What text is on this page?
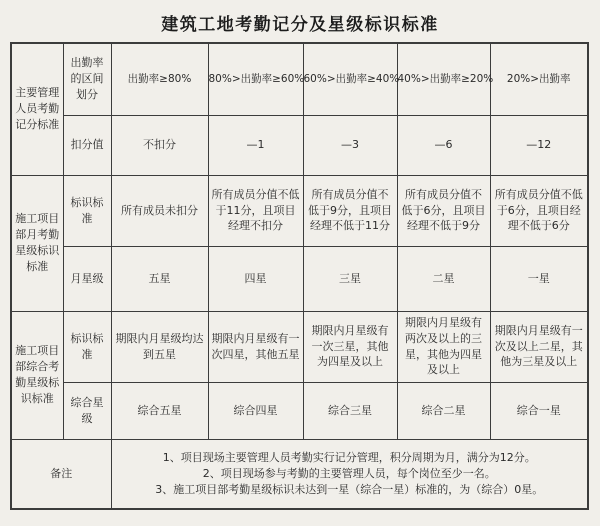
建筑工地考勤记分及星级标识标准
主要管理人员考勤记分标准	出勤率的区间划分	出勤率≥80%	80%>出勤率≥60%	60%>出勤率≥40%	40%>出勤率≥20%	20%>出勤率
	扣分值	不扣分	—1	—3	—6	—12
施工项目部月考勤星级标识标准	标识标准	所有成员未扣分	所有成员分值不低于11分，且项目经理不扣分	所有成员分值不低于9分，且项目经理不低于11分	所有成员分值不低于6分，且项目经理不低于9分	所有成员分值不低于6分，且项目经理不低于6分
	月星级	五星	四星	三星	二星	一星
施工项目部综合考勤星级标识标准	标识标准	期限内月星级均达到五星	期限内月星级有一次四星，其他五星	期限内月星级有一次三星，其他为四星及以上	期限内月星级有两次及以上的三星，其他为四星及以上	期限内月星级有一次及以上二星，其他为三星及以上
	综合星级	综合五星	综合四星	综合三星	综合二星	综合一星
备注		1、项目现场主要管理人员考勤实行记分管理，积分周期为月，满分为12分。
2、项目现场参与考勤的主要管理人员，每个岗位至少一名。
3、施工项目部考勤星级标识未达到一星（综合一星）标准的，为（综合）0星。				
